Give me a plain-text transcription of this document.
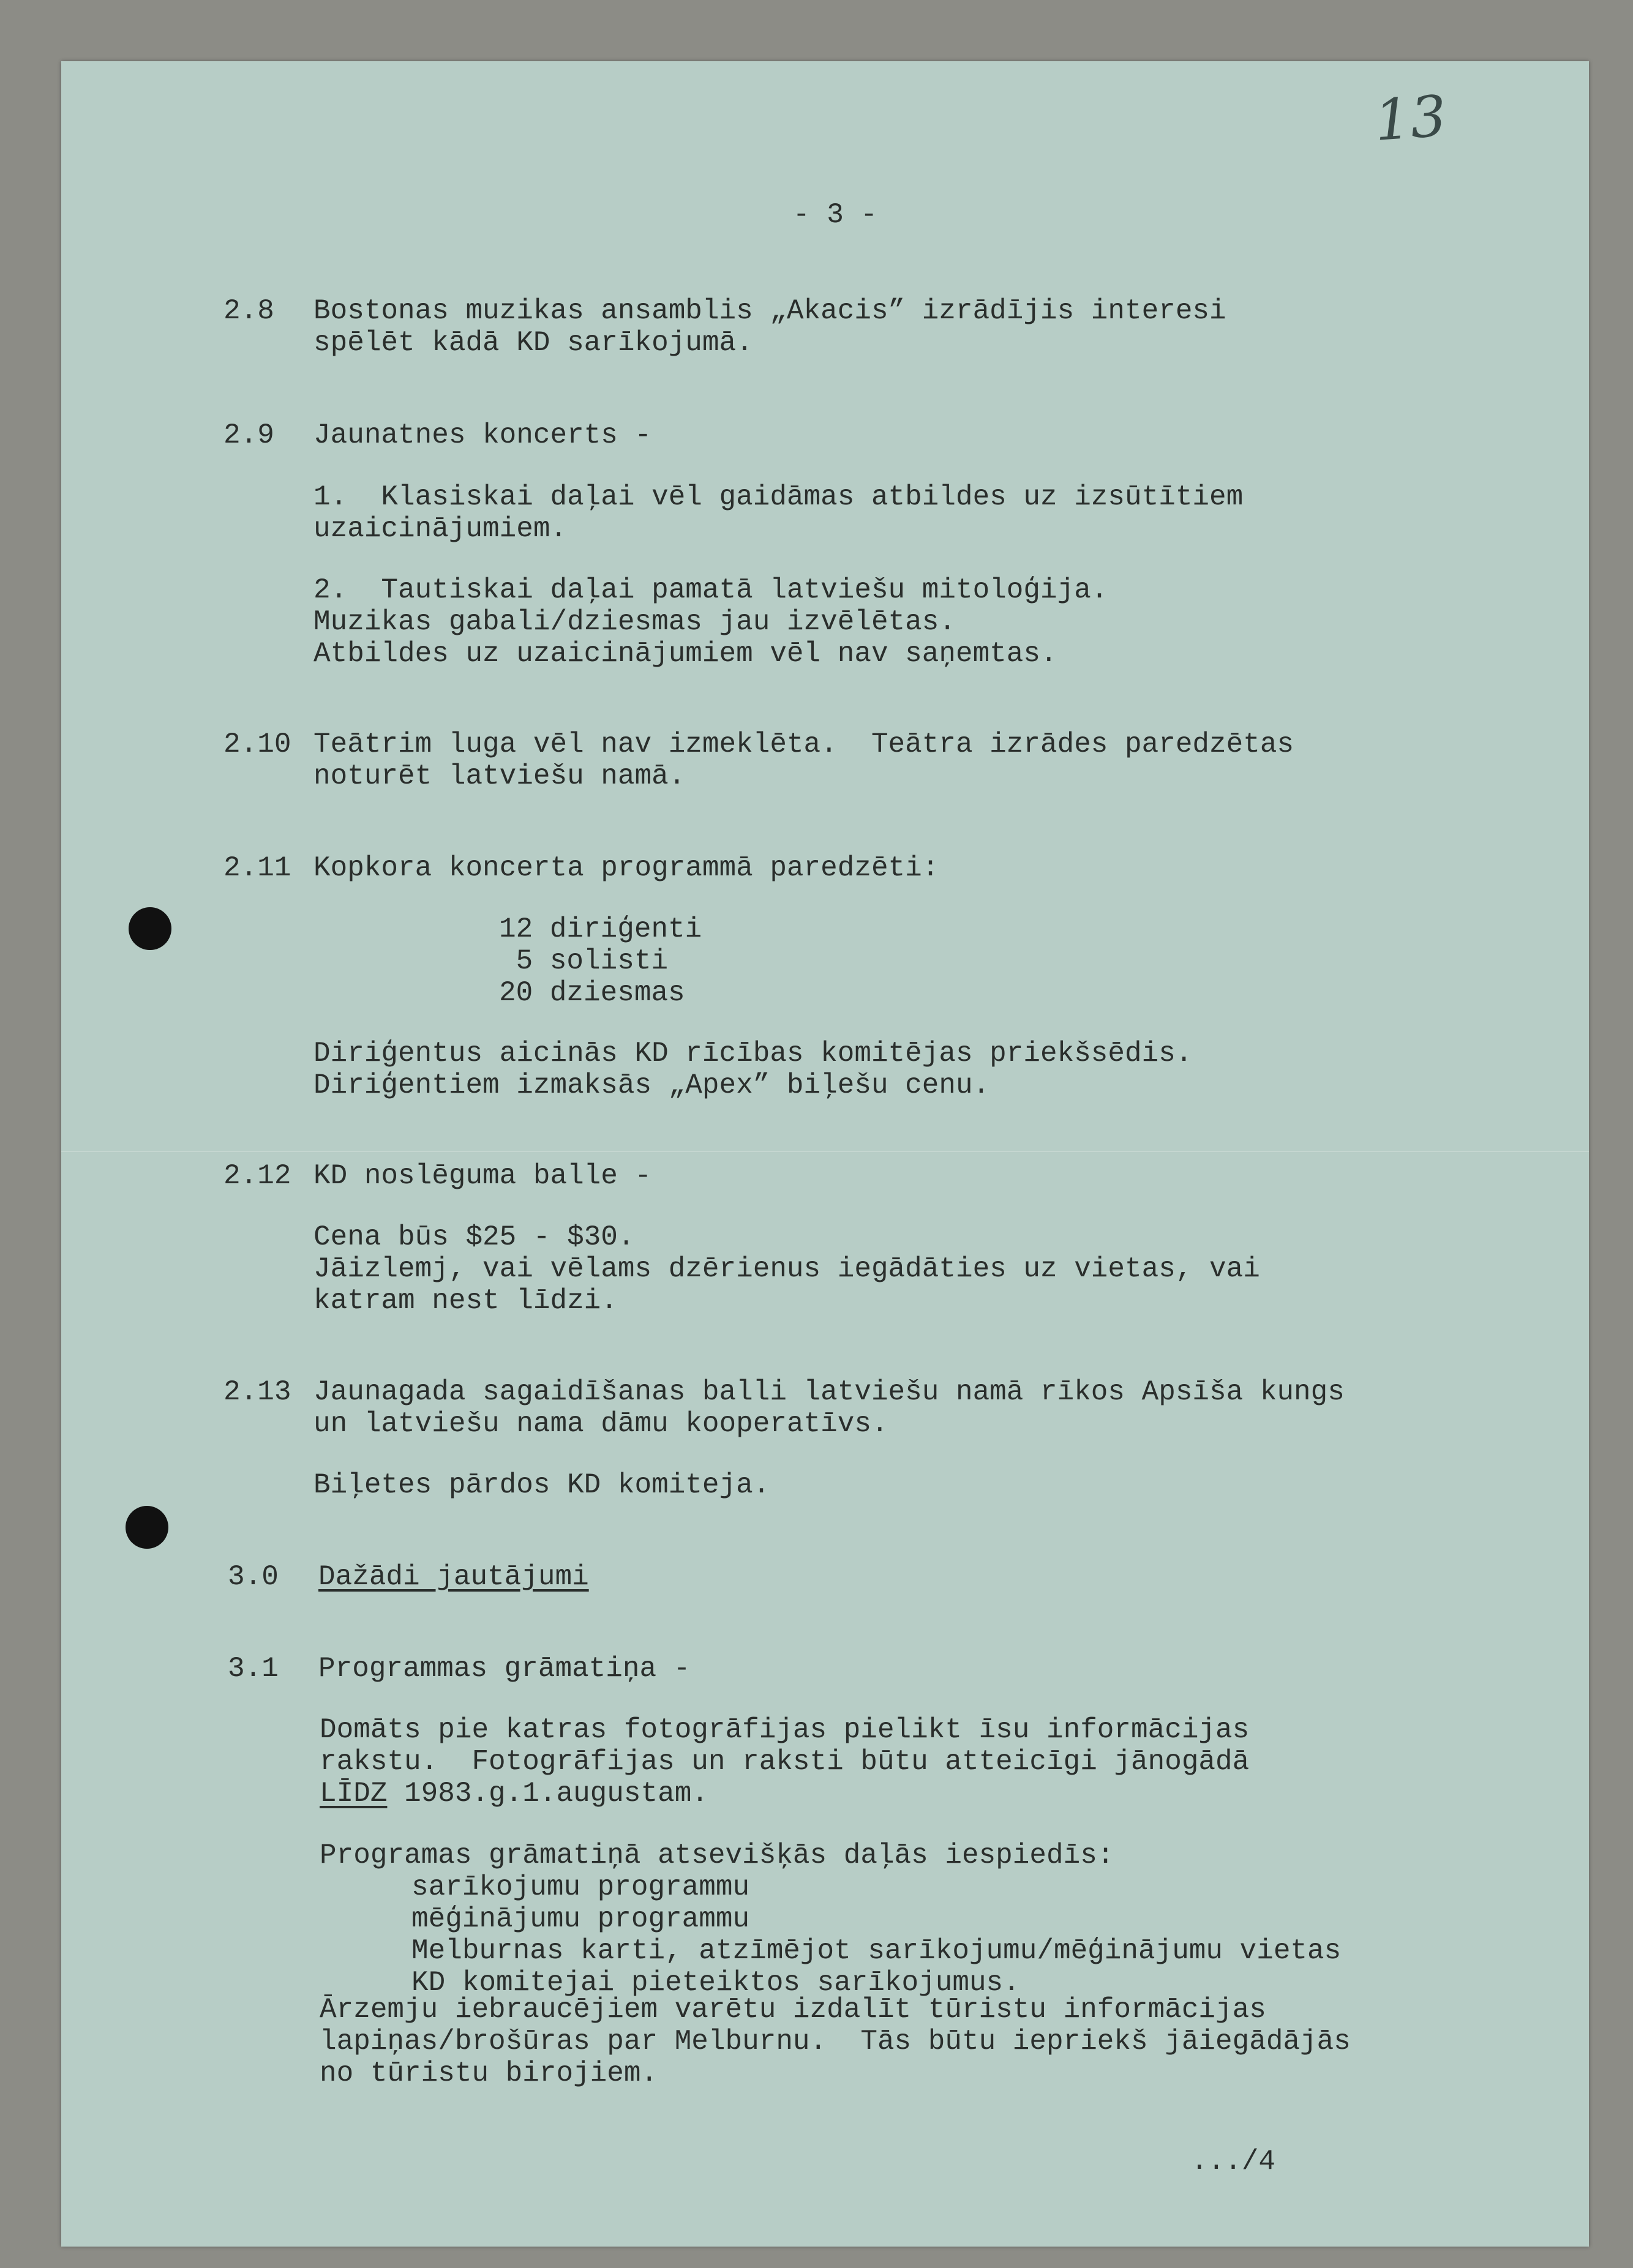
13
- 3 -
2.8 Bostonas muzikas ansamblis „Akacis” izrādījis interesi
spēlēt kādā KD sarīkojumā.
2.9 Jaunatnes koncerts -
1.  Klasiskai daļai vēl gaidāmas atbildes uz izsūtītiem
uzaicinājumiem.
2.  Tautiskai daļai pamatā latviešu mitoloģija.
Muzikas gabali/dziesmas jau izvēlētas.
Atbildes uz uzaicinājumiem vēl nav saņemtas.
2.10 Teātrim luga vēl nav izmeklēta.  Teātra izrādes paredzētas
noturēt latviešu namā.
2.11 Kopkora koncerta programmā paredzēti:
12 diriģenti
5 solisti
20 dziesmas
Diriģentus aicinās KD rīcības komitējas priekšsēdis.
Diriģentiem izmaksās „Apex” biļešu cenu.
2.12 KD noslēguma balle -
Cena būs $25 - $30.
Jāizlemj, vai vēlams dzērienus iegādāties uz vietas, vai
katram nest līdzi.
2.13 Jaunagada sagaidīšanas balli latviešu namā rīkos Apsīša kungs
un latviešu nama dāmu kooperatīvs.
Biļetes pārdos KD komiteja.
3.0 Dažādi jautājumi
3.1 Programmas grāmatiņa -
Domāts pie katras fotogrāfijas pielikt īsu informācijas
rakstu.  Fotogrāfijas un raksti būtu atteicīgi jānogādā
LĪDZ 1983.g.1.augustam.
Programas grāmatiņā atsevišķās daļās iespiedīs:
sarīkojumu programmu
mēģinājumu programmu
Melburnas karti, atzīmējot sarīkojumu/mēģinājumu vietas
KD komitejai pieteiktos sarīkojumus.
Ārzemju iebraucējiem varētu izdalīt tūristu informācijas
lapiņas/brošūras par Melburnu.  Tās būtu iepriekš jāiegādājās
no tūristu birojiem.
.../4
